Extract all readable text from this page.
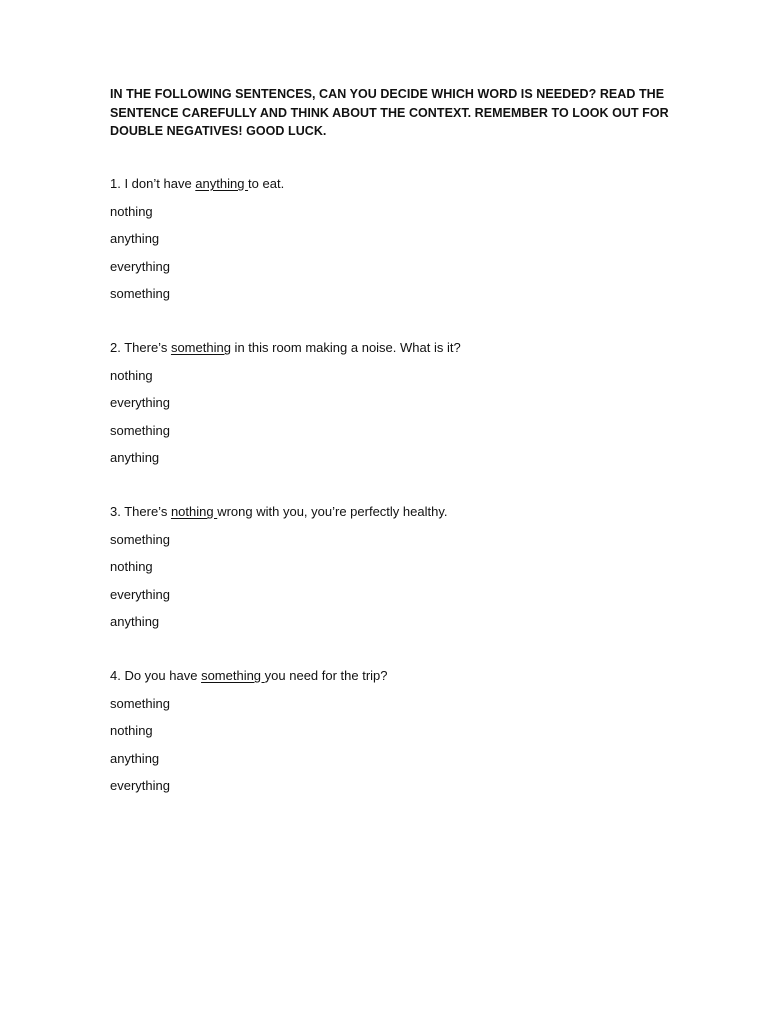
IN THE FOLLOWING SENTENCES, CAN YOU DECIDE WHICH WORD IS NEEDED? READ THE SENTENCE CAREFULLY AND THINK ABOUT THE CONTEXT. REMEMBER TO LOOK OUT FOR DOUBLE NEGATIVES! GOOD LUCK.
1. I don’t have anything to eat.
nothing
anything
everything
something
2. There’s something in this room making a noise. What is it?
nothing
everything
something
anything
3. There’s nothing wrong with you, you’re perfectly healthy.
something
nothing
everything
anything
4. Do you have something you need for the trip?
something
nothing
anything
everything
